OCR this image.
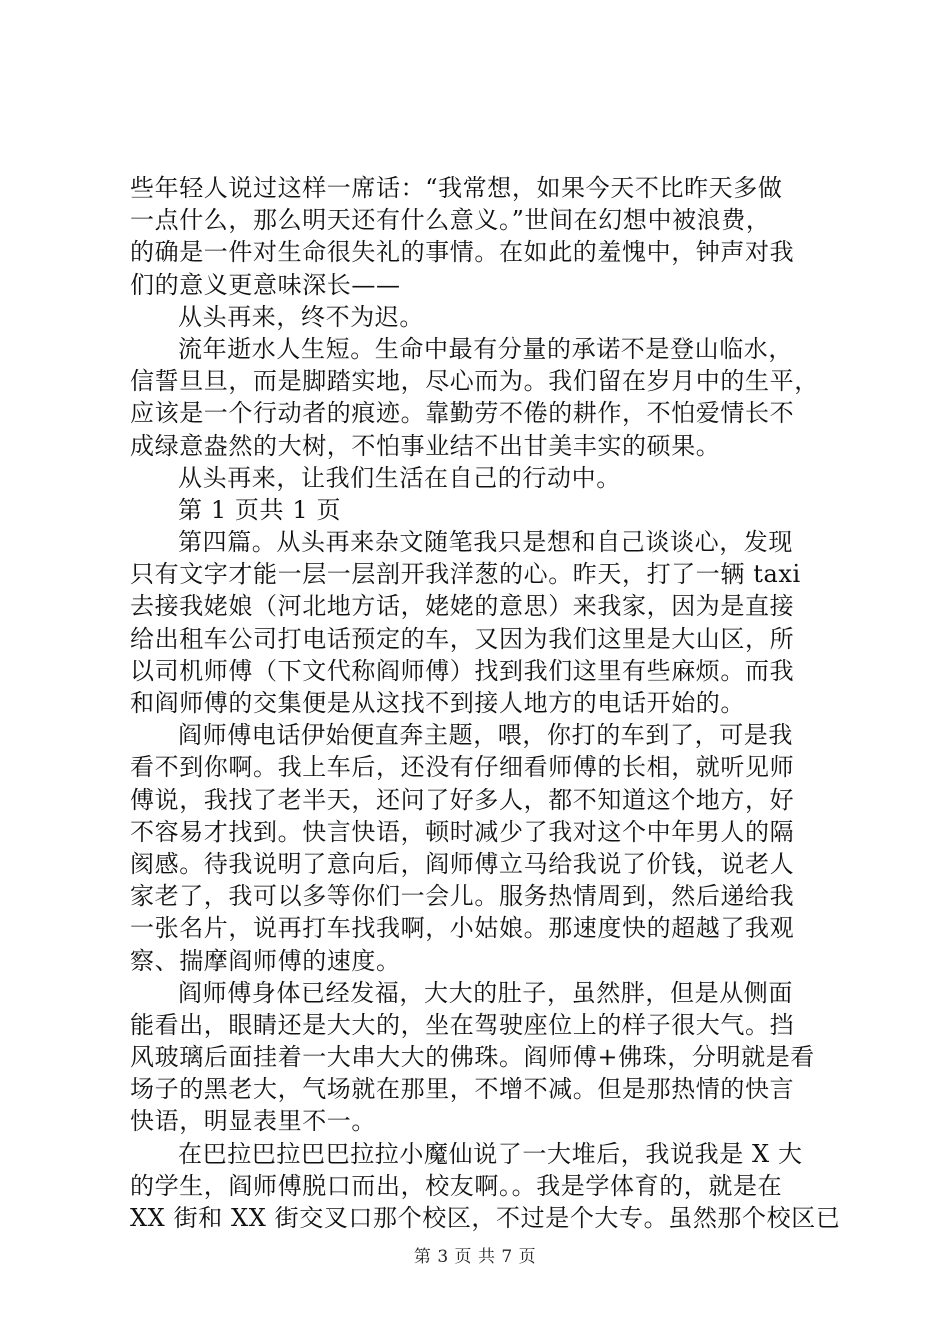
些年轻人说过这样一席话：“我常想，如果今天不比昨天多做
一点什么，那么明天还有什么意义。”世间在幻想中被浪费，
的确是一件对生命很失礼的事情。在如此的羞愧中，钟声对我
们的意义更意味深长——
从头再来，终不为迟。
流年逝水人生短。生命中最有分量的承诺不是登山临水，
信誓旦旦，而是脚踏实地，尽心而为。我们留在岁月中的生平，
应该是一个行动者的痕迹。靠勤劳不倦的耕作，不怕爱情长不
成绿意盎然的大树，不怕事业结不出甘美丰实的硕果。
从头再来，让我们生活在自己的行动中。
第 1 页共 1 页
第四篇。从头再来杂文随笔我只是想和自己谈谈心，发现
只有文字才能一层一层剖开我洋葱的心。昨天，打了一辆 taxi
去接我姥娘（河北地方话，姥姥的意思）来我家，因为是直接
给出租车公司打电话预定的车，又因为我们这里是大山区，所
以司机师傅（下文代称阎师傅）找到我们这里有些麻烦。而我
和阎师傅的交集便是从这找不到接人地方的电话开始的。
阎师傅电话伊始便直奔主题，喂，你打的车到了，可是我
看不到你啊。我上车后，还没有仔细看师傅的长相，就听见师
傅说，我找了老半天，还问了好多人，都不知道这个地方，好
不容易才找到。快言快语，顿时减少了我对这个中年男人的隔
阂感。待我说明了意向后，阎师傅立马给我说了价钱，说老人
家老了，我可以多等你们一会儿。服务热情周到，然后递给我
一张名片，说再打车找我啊，小姑娘。那速度快的超越了我观
察、揣摩阎师傅的速度。
阎师傅身体已经发福，大大的肚子，虽然胖，但是从侧面
能看出，眼睛还是大大的，坐在驾驶座位上的样子很大气。挡
风玻璃后面挂着一大串大大的佛珠。阎师傅+佛珠，分明就是看
场子的黑老大，气场就在那里，不增不减。但是那热情的快言
快语，明显表里不一。
在巴拉巴拉巴巴拉拉小魔仙说了一大堆后，我说我是 X 大
的学生，阎师傅脱口而出，校友啊。。我是学体育的，就是在
XX 街和 XX 街交叉口那个校区，不过是个大专。虽然那个校区已
第 3 页 共 7 页
